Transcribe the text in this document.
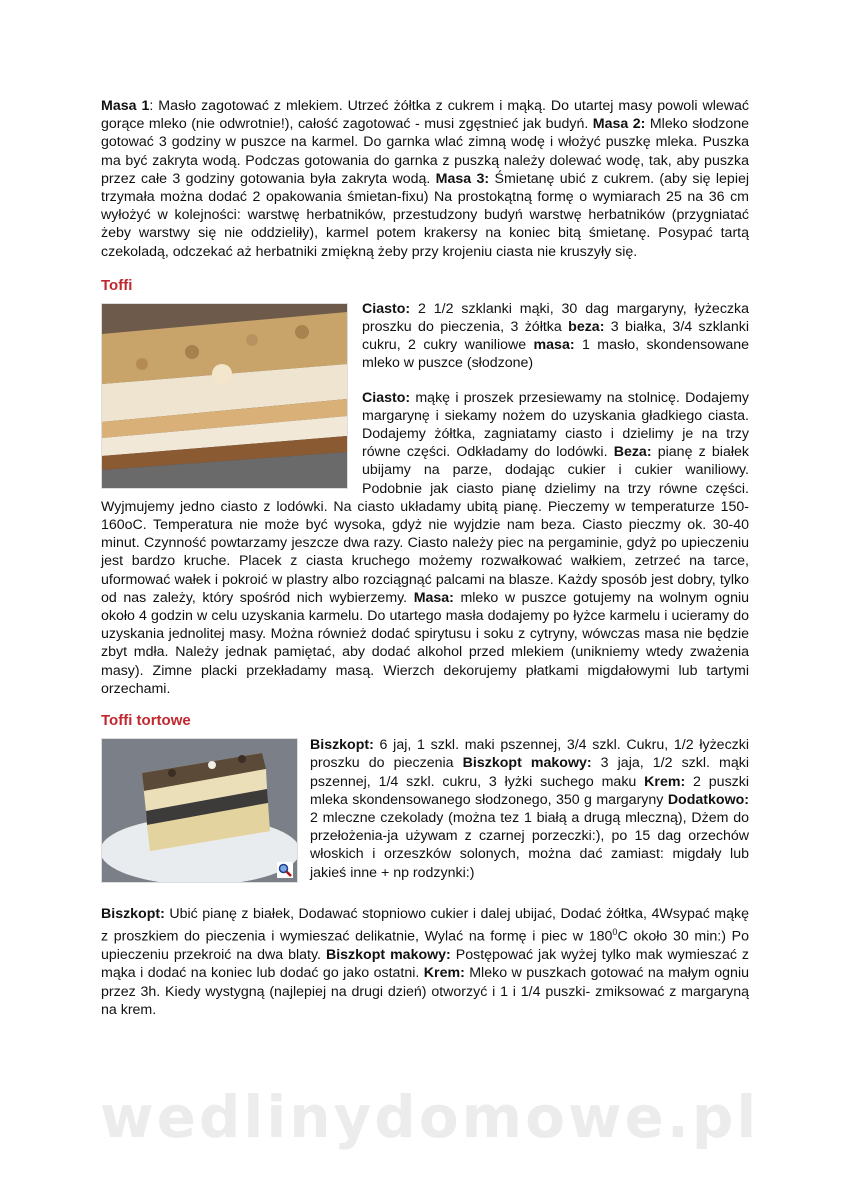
Masa 1: Masło zagotować z mlekiem. Utrzeć żółtka z cukrem i mąką. Do utartej masy powoli wlewać gorące mleko (nie odwrotnie!), całość zagotować - musi zgęstnieć jak budyń. Masa 2: Mleko słodzone gotować 3 godziny w puszce na karmel. Do garnka wlać zimną wodę i włożyć puszkę mleka. Puszka ma być zakryta wodą. Podczas gotowania do garnka z puszką należy dolewać wodę, tak, aby puszka przez całe 3 godziny gotowania była zakryta wodą. Masa 3: Śmietanę ubić z cukrem. (aby się lepiej trzymała można dodać 2 opakowania śmietan-fixu) Na prostokątną formę o wymiarach 25 na 36 cm wyłożyć w kolejności: warstwę herbatników, przestudzony budyń warstwę herbatników (przygniatać żeby warstwy się nie oddzieliły), karmel potem krakersy na koniec bitą śmietanę. Posypać tartą czekoladą, odczekać aż herbatniki zmiękną żeby przy krojeniu ciasta nie kruszyły się.

Toffi

Ciasto: 2 1/2 szklanki mąki, 30 dag margaryny, łyżeczka proszku do pieczenia, 3 żółtka beza: 3 białka, 3/4 szklanki cukru, 2 cukry waniliowe masa: 1 masło, skondensowane mleko w puszce (słodzone)

Ciasto: mąkę i proszek przesiewamy na stolnicę. Dodajemy margarynę i siekamy nożem do uzyskania gładkiego ciasta. Dodajemy żółtka, zagniatamy ciasto i dzielimy je na trzy równe części. Odkładamy do lodówki. Beza: pianę z białek ubijamy na parze, dodając cukier i cukier waniliowy. Podobnie jak ciasto pianę dzielimy na trzy równe części. Wyjmujemy jedno ciasto z lodówki. Na ciasto układamy ubitą pianę. Pieczemy w temperaturze 150-160oC. Temperatura nie może być wysoka, gdyż nie wyjdzie nam beza. Ciasto pieczmy ok. 30-40 minut. Czynność powtarzamy jeszcze dwa razy. Ciasto należy piec na pergaminie, gdyż po upieczeniu jest bardzo kruche. Placek z ciasta kruchego możemy rozwałkować wałkiem, zetrzeć na tarce, uformować wałek i pokroić w plastry albo rozciągnąć palcami na blasze. Każdy sposób jest dobry, tylko od nas zależy, który spośród nich wybierzemy. Masa: mleko w puszce gotujemy na wolnym ogniu około 4 godzin w celu uzyskania karmelu. Do utartego masła dodajemy po łyżce karmelu i ucieramy do uzyskania jednolitej masy. Można również dodać spirytusu i soku z cytryny, wówczas masa nie będzie zbyt mdła. Należy jednak pamiętać, aby dodać alkohol przed mlekiem (unikniemy wtedy zważenia masy). Zimne placki przekładamy masą. Wierzch dekorujemy płatkami migdałowymi lub tartymi orzechami.

Toffi tortowe

Biszkopt: 6 jaj, 1 szkl. maki pszennej, 3/4 szkl. Cukru, 1/2 łyżeczki proszku do pieczenia Biszkopt makowy: 3 jaja, 1/2 szkl. mąki pszennej, 1/4 szkl. cukru, 3 łyżki suchego maku Krem: 2 puszki mleka skondensowanego słodzonego, 350 g margaryny Dodatkowo: 2 mleczne czekolady (można tez 1 białą a drugą mleczną), Dżem do przełożenia-ja używam z czarnej porzeczki:), po 15 dag orzechów włoskich i orzeszków solonych, można dać zamiast: migdały lub jakieś inne + np rodzynki:)

Biszkopt: Ubić pianę z białek, Dodawać stopniowo cukier i dalej ubijać, Dodać żółtka, 4Wsypać mąkę z proszkiem do pieczenia i wymieszać delikatnie, Wylać na formę i piec w $180^0C$ około 30 min:) Po upieczeniu przekroić na dwa blaty. Biszkopt makowy: Postępować jak wyżej tylko mak wymieszać z mąka i dodać na koniec lub dodać go jako ostatni. Krem: Mleko w puszkach gotować na małym ogniu przez 3h. Kiedy wystygną (najlepiej na drugi dzień) otworzyć i 1 i 1/4 puszki- zmiksować z margaryną na krem.

wedlinydomowe.pl
